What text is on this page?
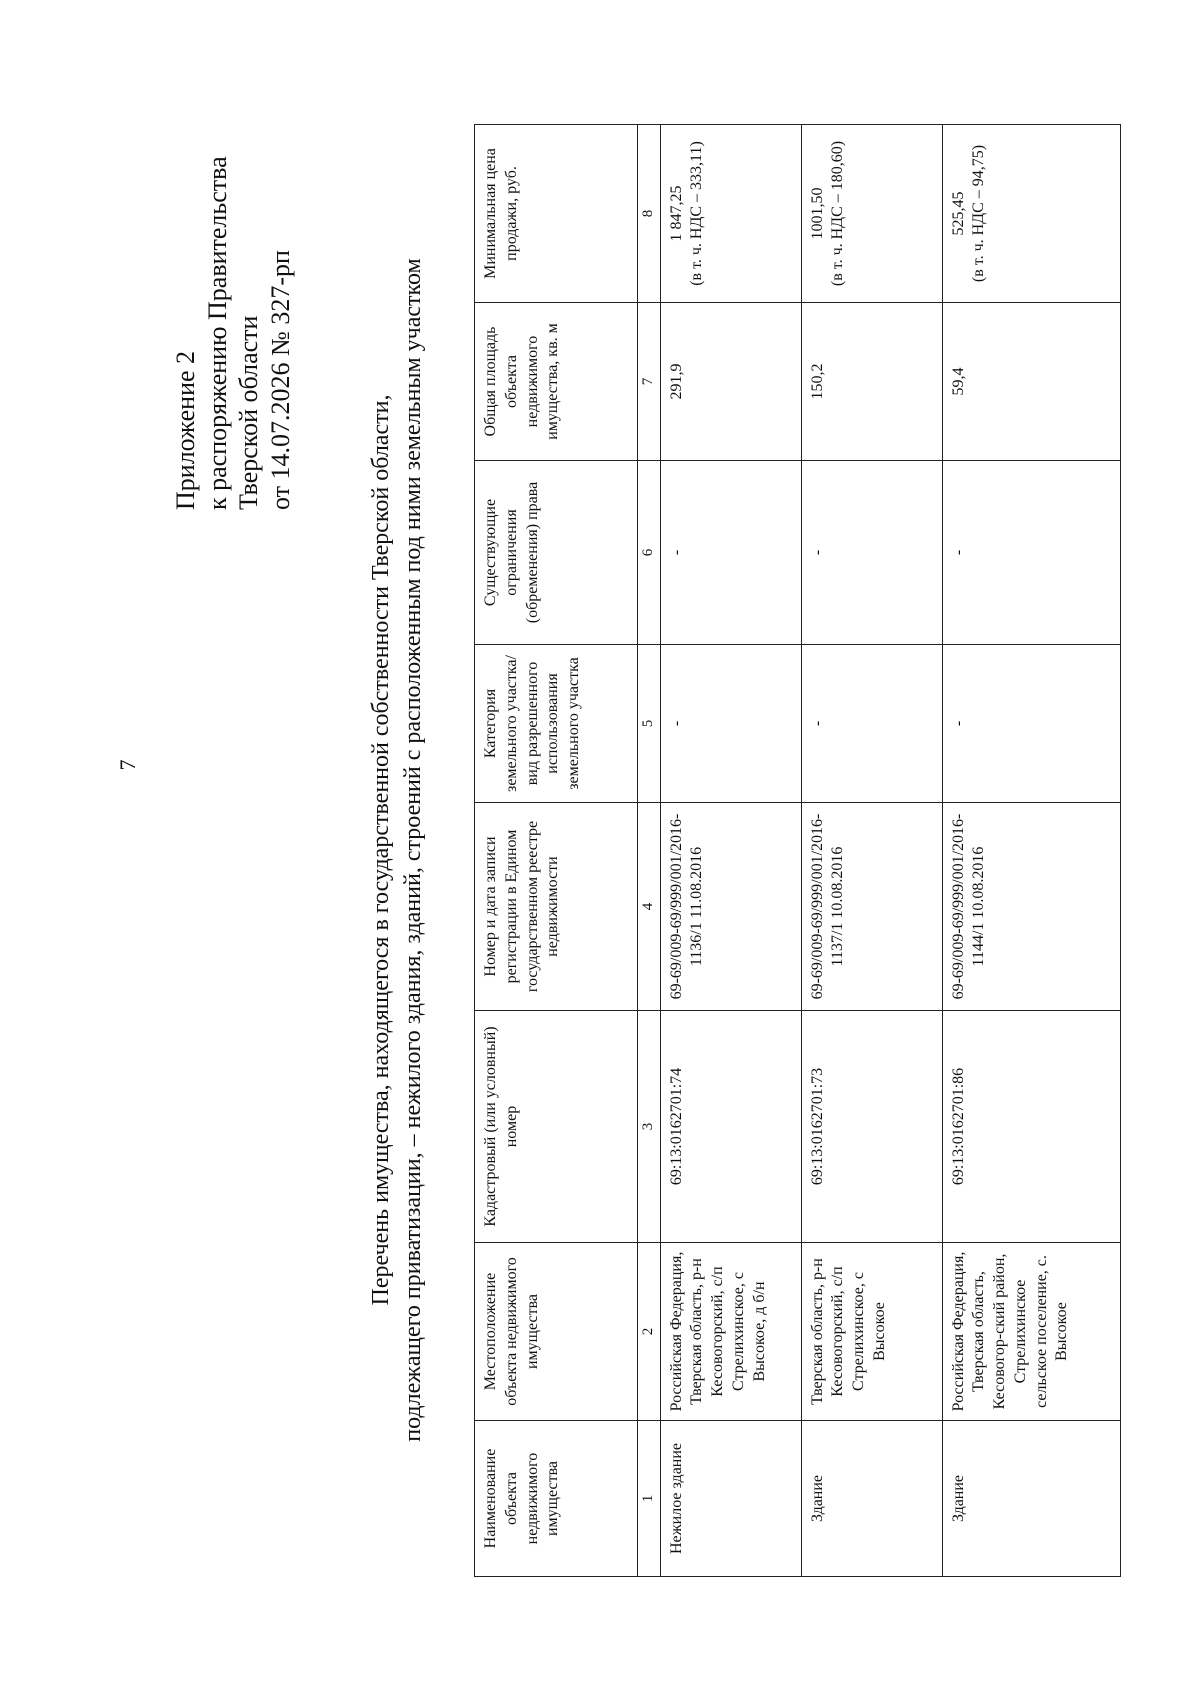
7
Приложение 2 к распоряжению Правительства Тверской области от 14.07.2026 № 327-рп
Перечень имущества, находящегося в государственной собственности Тверской области, подлежащего приватизации, – нежилого здания, зданий, строений с расположенным под ними земельным участком
Наименование объекта недвижимого имущества	Местоположение объекта недвижимого имущества	Кадастровый (или условный) номер	Номер и дата записи регистрации в Едином государственном реестре недвижимости	Категория земельного участка/вид разрешенного использования земельного участка	Существующие ограничения (обременения) права	Общая площадь объекта недвижимого имущества, кв. м	Минимальная цена продажи, руб.
1	2	3	4	5	6	7	8
Нежилое здание	Российская Федерация, Тверская область, р-н Кесовогорский, с/п Стрелихинское, с Высокое, д б/н	69:13:0162701:74	69-69/009-69/999/001/2016-1136/1 11.08.2016	-	-	291,9	1 847,25 (в т. ч. НДС – 333,11)

Здание	Тверская область, р-н Кесовогорский, с/п Стрелихинское, с Высокое	69:13:0162701:73	69-69/009-69/999/001/2016-1137/1 10.08.2016	-	-	150,2	1001,50 (в т. ч. НДС – 180,60)

Здание	Российская Федерация, Тверская область, Кесовогор-ский район, Стрелихинское сельское поселение, с. Высокое	69:13:0162701:86	69-69/009-69/999/001/2016-1144/1 10.08.2016	-	-	59,4	525,45 (в т. ч. НДС – 94,75)
